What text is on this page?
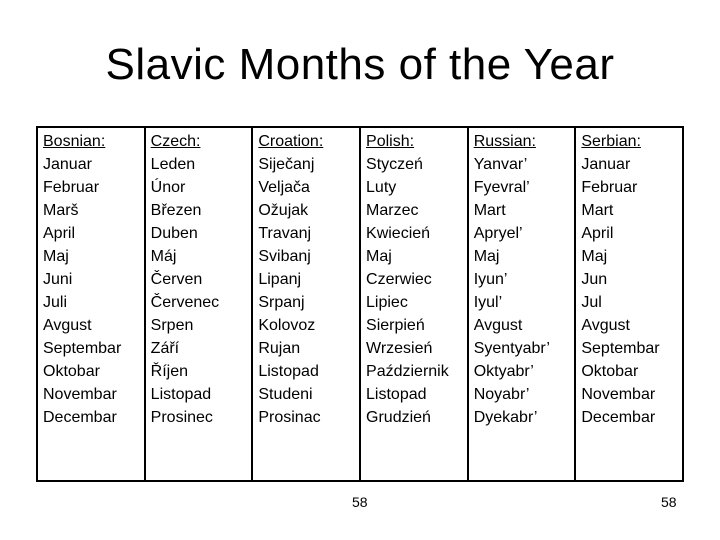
Slavic Months of the Year
Bosnian:
Januar
Februar
Marš
April
Maj
Juni
Juli
Avgust
Septembar
Oktobar
Novembar
Decembar
Czech:
Leden
Únor
Březen
Duben
Máj
Červen
Červenec
Srpen
Září
Říjen
Listopad
Prosinec
Croation:
Siječanj
Veljača
Ožujak
Travanj
Svibanj
Lipanj
Srpanj
Kolovoz
Rujan
Listopad
Studeni
Prosinac
Polish:
Styczeń
Luty
Marzec
Kwiecień
Maj
Czerwiec
Lipiec
Sierpień
Wrzesień
Październik
Listopad
Grudzień
Russian:
Yanvar’
Fyevral’
Mart
Apryel’
Maj
Iyun’
Iyul’
Avgust
Syentyabr’
Oktyabr’
Noyabr’
Dyekabr’
Serbian:
Januar
Februar
Mart
April
Maj
Jun
Jul
Avgust
Septembar
Oktobar
Novembar
Decembar
58	58
